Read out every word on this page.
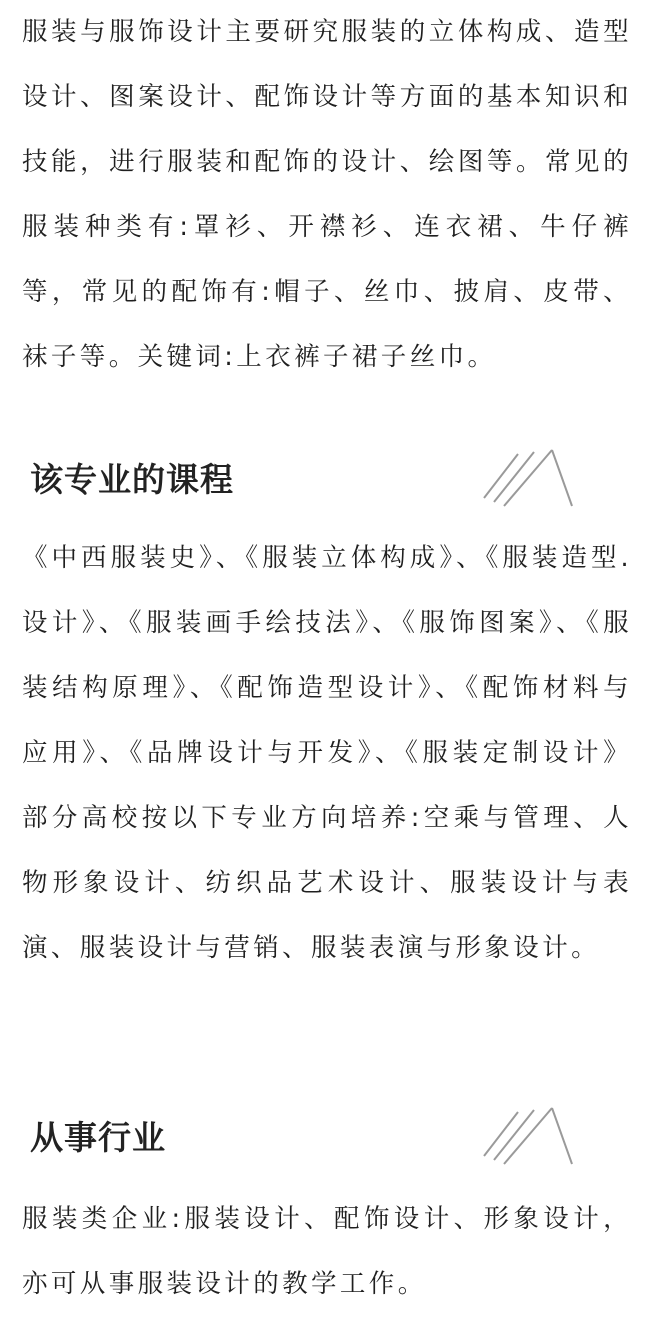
服装与服饰设计主要研究服装的立体构成、造型设计、图案设计、配饰设计等方面的基本知识和技能，进行服装和配饰的设计、绘图等。常见的服装种类有:罩衫、开襟衫、连衣裙、牛仔裤等，常见的配饰有:帽子、丝巾、披肩、皮带、袜子等。关键词:上衣裤子裙子丝巾。

该专业的课程

《中西服装史》、《服装立体构成》、《服装造型.设计》、《服装画手绘技法》、《服饰图案》、《服装结构原理》、《配饰造型设计》、《配饰材料与应用》、《品牌设计与开发》、《服装定制设计》 部分高校按以下专业方向培养:空乘与管理、人物形象设计、纺织品艺术设计、服装设计与表演、服装设计与营销、服装表演与形象设计。

从事行业

服装类企业:服装设计、配饰设计、形象设计，亦可从事服装设计的教学工作。
